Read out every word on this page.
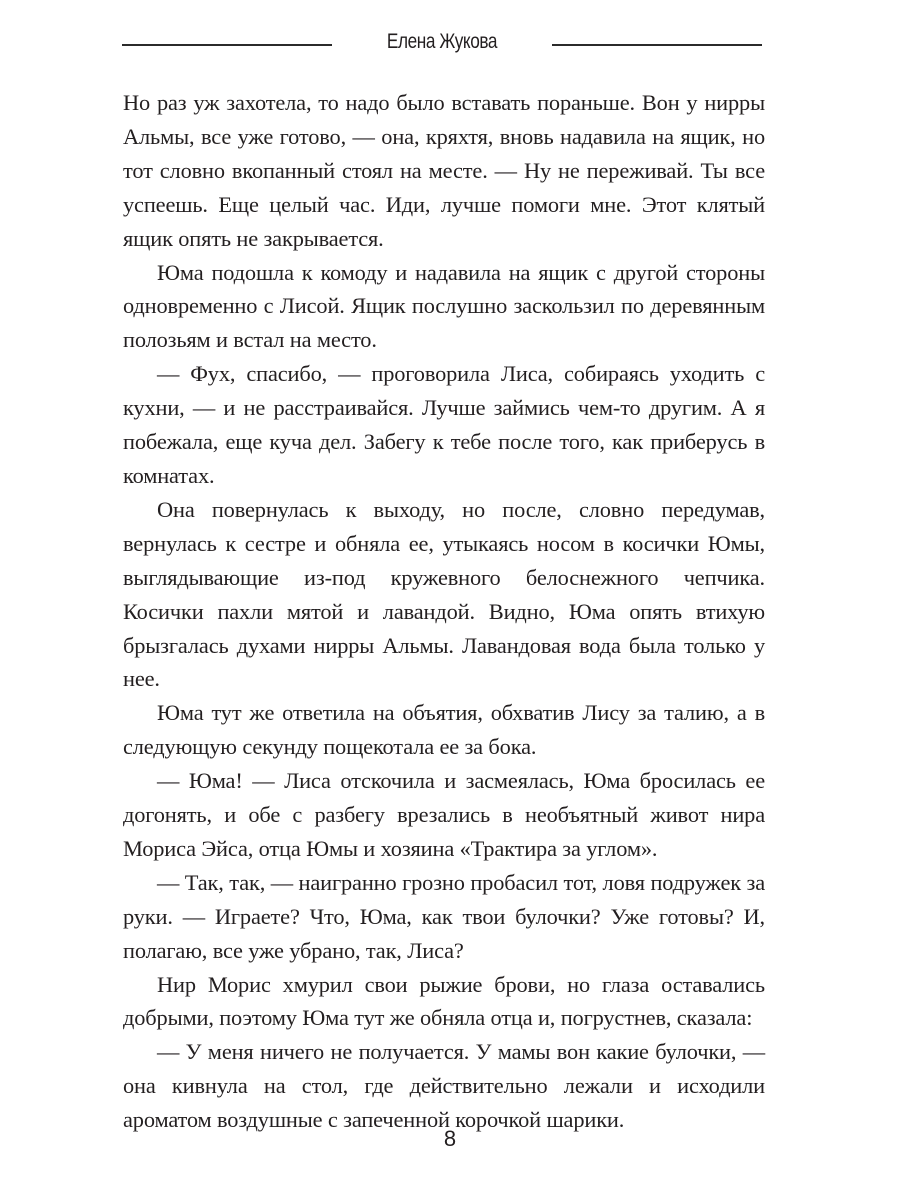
Елена Жукова

Но раз уж захотела, то надо было вставать пораньше. Вон у нирры Альмы, все уже готово, — она, кряхтя, вновь надавила на ящик, но тот словно вкопанный стоял на месте. — Ну не переживай. Ты все успеешь. Еще целый час. Иди, лучше помоги мне. Этот клятый ящик опять не закрывается.

Юма подошла к комоду и надавила на ящик с другой стороны одновременно с Лисой. Ящик послушно заскользил по деревянным полозьям и встал на место.

— Фух, спасибо, — проговорила Лиса, собираясь уходить с кухни, — и не расстраивайся. Лучше займись чем-то другим. А я побежала, еще куча дел. Забегу к тебе после того, как приберусь в комнатах.

Она повернулась к выходу, но после, словно передумав, вернулась к сестре и обняла ее, утыкаясь носом в косички Юмы, выглядывающие из-под кружевного белоснежного чепчика. Косички пахли мятой и лавандой. Видно, Юма опять втихую брызгалась духами нирры Альмы. Лавандовая вода была только у нее.

Юма тут же ответила на объятия, обхватив Лису за талию, а в следующую секунду пощекотала ее за бока.

— Юма! — Лиса отскочила и засмеялась, Юма бросилась ее догонять, и обе с разбегу врезались в необъятный живот нира Мориса Эйса, отца Юмы и хозяина «Трактира за углом».

— Так, так, — наигранно грозно пробасил тот, ловя подружек за руки. — Играете? Что, Юма, как твои булочки? Уже готовы? И, полагаю, все уже убрано, так, Лиса?

Нир Морис хмурил свои рыжие брови, но глаза оставались добрыми, поэтому Юма тут же обняла отца и, погрустнев, сказала:

— У меня ничего не получается. У мамы вон какие булочки, — она кивнула на стол, где действительно лежали и исходили ароматом воздушные с запеченной корочкой шарики.

8
